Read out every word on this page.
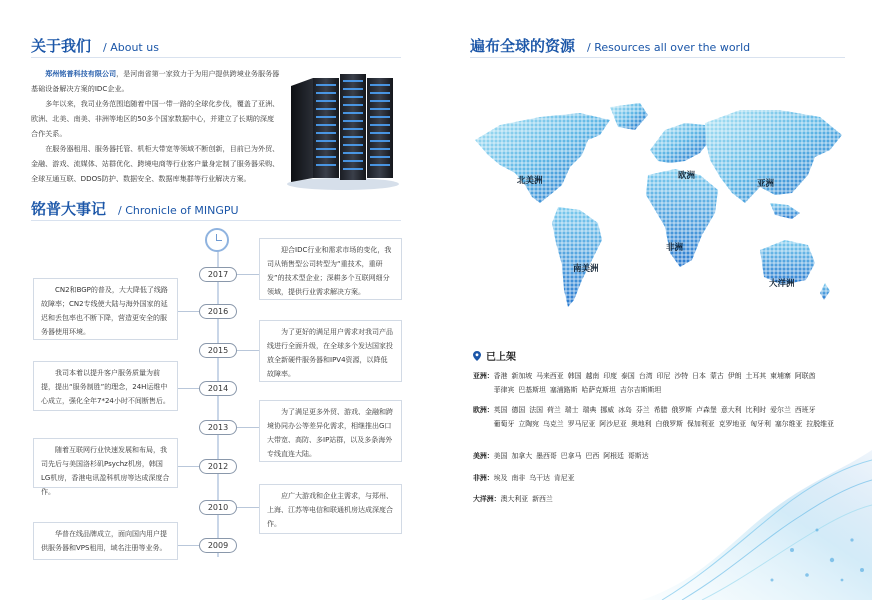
关于我们 / About us

郑州铭普科技有限公司，是河南省第一家致力于为用户提供跨境业务服务器基础设备解决方案的IDC企业。

多年以来，我司业务范围追随着中国一带一路的全球化步伐，覆盖了亚洲、欧洲、北美、南美、非洲等地区的50多个国家数据中心，并建立了长期的深度合作关系。

在服务器租用、服务器托管、机柜大带宽等领域不断创新，目前已为外贸、金融、游戏、流媒体、站群优化、跨境电商等行业客户量身定制了服务器采购、全球互通互联、DDOS防护、数据安全、数据库集群等行业解决方案。

铭普大事记 / Chronicle of MINGPU
2017
2016
2015
2014
2013
2012
2010
2009

迎合IDC行业和需求市场的变化，我司从销售型公司转型为“重技术，重研发”的技术型企业；深耕多个互联网细分领域，提供行业需求解决方案。

CN2和BGP的普及，大大降低了线路故障率；CN2专线使大陆与海外国家的延迟和丢包率也不断下降，营造更安全的服务器使用环境。	为了更好的满足用户需求对我司产品线进行全面升级，在全球多个发达国家投放全新硬件服务器和IPV4资源，以降低故障率。

我司本着以提升客户服务质量为前提，提出“服务制胜”的理念，24H运维中心成立，强化全年7*24小时不间断售后。

为了满足更多外贸、游戏、金融和跨境协同办公等差异化需求，相继推出G口大带宽、高防、多IP站群，以及多条海外专线直连大陆。

随着互联网行业快速发展和布局，我司先后与美国洛杉矶Psychz机房，韩国LG机房，香港电讯盈科机房等达成深度合作。	应广大游戏和企业主需求，与郑州、上海、江苏等电信和联通机房达成深度合作。

华普在线品牌成立，面向国内用户提供服务器和VPS租用，域名注册等业务。

遍布全球的资源 / Resources all over the world
北美洲
南美洲
欧洲
非洲
亚洲
大洋洲
已上架
亚洲： 香港 新加坡 马来西亚 韩国 越南 印度 泰国 台湾 印尼 沙特 日本 蒙古 伊朗 土耳其 柬埔寨 阿联酋菲律宾 巴基斯坦 塞浦路斯 哈萨克斯坦 吉尔吉斯斯坦
欧洲： 英国 德国 法国 荷兰 瑞士 瑞典 挪威 冰岛 芬兰 希腊 俄罗斯 卢森堡 意大利 比利时 爱尔兰 西班牙葡萄牙 立陶宛 乌克兰 罗马尼亚 阿沙尼亚 奥地利 白俄罗斯 保加利亚 克罗地亚 匈牙利 塞尔维亚 拉脱维亚
美洲： 美国 加拿大 墨西哥 巴拿马 巴西 阿根廷 哥斯达
非洲： 埃及 南非 乌干达 肯尼亚
大洋洲： 澳大利亚 新西兰
